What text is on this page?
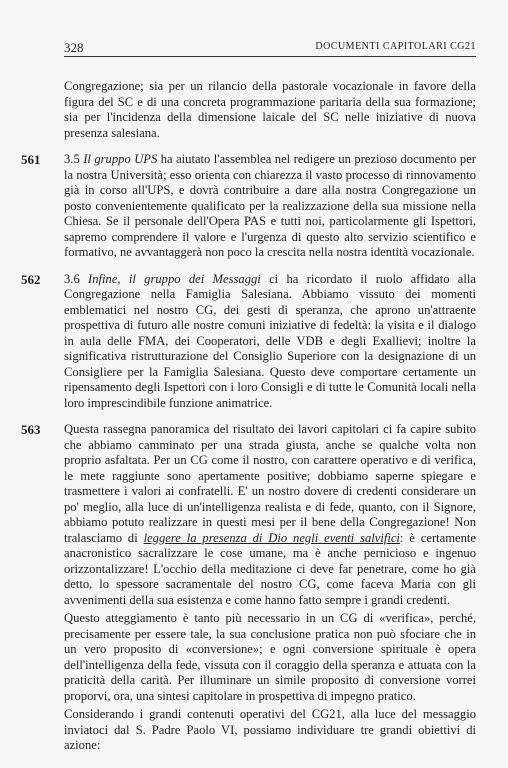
328	DOCUMENTI CAPITOLARI CG21

Congregazione; sia per un rilancio della pastorale vocazionale in favore della figura del SC e di una concreta programmazione paritaria della sua formazione; sia per l'incidenza della dimensione laicale del SC nelle iniziative di nuova presenza salesiana.

561 3.5 Il gruppo UPS ha aiutato l'assemblea nel redigere un prezioso documento per la nostra Università; esso orienta con chiarezza il vasto processo di rinnovamento già in corso all'UPS, e dovrà contribuire a dare alla nostra Congregazione un posto convenientemente qualificato per la realizzazione della sua missione nella Chiesa. Se il personale dell'Opera PAS e tutti noi, particolarmente gli Ispettori, sapremo comprendere il valore e l'urgenza di questo alto servizio scientifico e formativo, ne avvantaggerà non poco la crescita nella nostra identità vocazionale.

562 3.6 Infine, il gruppo dei Messaggi ci ha ricordato il ruolo affidato alla Congregazione nella Famiglia Salesiana. Abbiamo vissuto dei momenti emblematici nel nostro CG, dei gesti di speranza, che aprono un'attraente prospettiva di futuro alle nostre comuni iniziative di fedeltà: la visita e il dialogo in aula delle FMA, dei Cooperatori, delle VDB e degli Exallievi; inoltre la significativa ristrutturazione del Consiglio Superiore con la designazione di un Consigliere per la Famiglia Salesiana. Questo deve comportare certamente un ripensamento degli Ispettori con i loro Consigli e di tutte le Comunità locali nella loro imprescindibile funzione animatrice.

563 Questa rassegna panoramica del risultato dei lavori capitolari ci fa capire subito che abbiamo camminato per una strada giusta, anche se qualche volta non proprio asfaltata. Per un CG come il nostro, con carattere operativo e di verifica, le mete raggiunte sono apertamente positive; dobbiamo saperne spiegare e trasmettere i valori ai confratelli. E' un nostro dovere di credenti considerare un po' meglio, alla luce di un'intelligenza realista e di fede, quanto, con il Signore, abbiamo potuto realizzare in questi mesi per il bene della Congregazione! Non tralasciamo di leggere la presenza di Dio negli eventi salvifici: è certamente anacronistico sacralizzare le cose umane, ma è anche pernicioso e ingenuo orizzontalizzare! L'occhio della meditazione ci deve far penetrare, come ho già detto, lo spessore sacramentale del nostro CG, come faceva Maria con gli avvenimenti della sua esistenza e come hanno fatto sempre i grandi credenti.

Questo atteggiamento è tanto più necessario in un CG di «verifica», perché, precisamente per essere tale, la sua conclusione pratica non può sfociare che in un vero proposito di «conversione»; e ogni conversione spirituale è opera dell'intelligenza della fede, vissuta con il coraggio della speranza e attuata con la praticità della carità. Per illuminare un simile proposito di conversione vorrei proporvi, ora, una sintesi capitolare in prospettiva di impegno pratico.

Considerando i grandi contenuti operativi del CG21, alla luce del messaggio inviatoci dal S. Padre Paolo VI, possiamo individuare tre grandi obiettivi di azione:
